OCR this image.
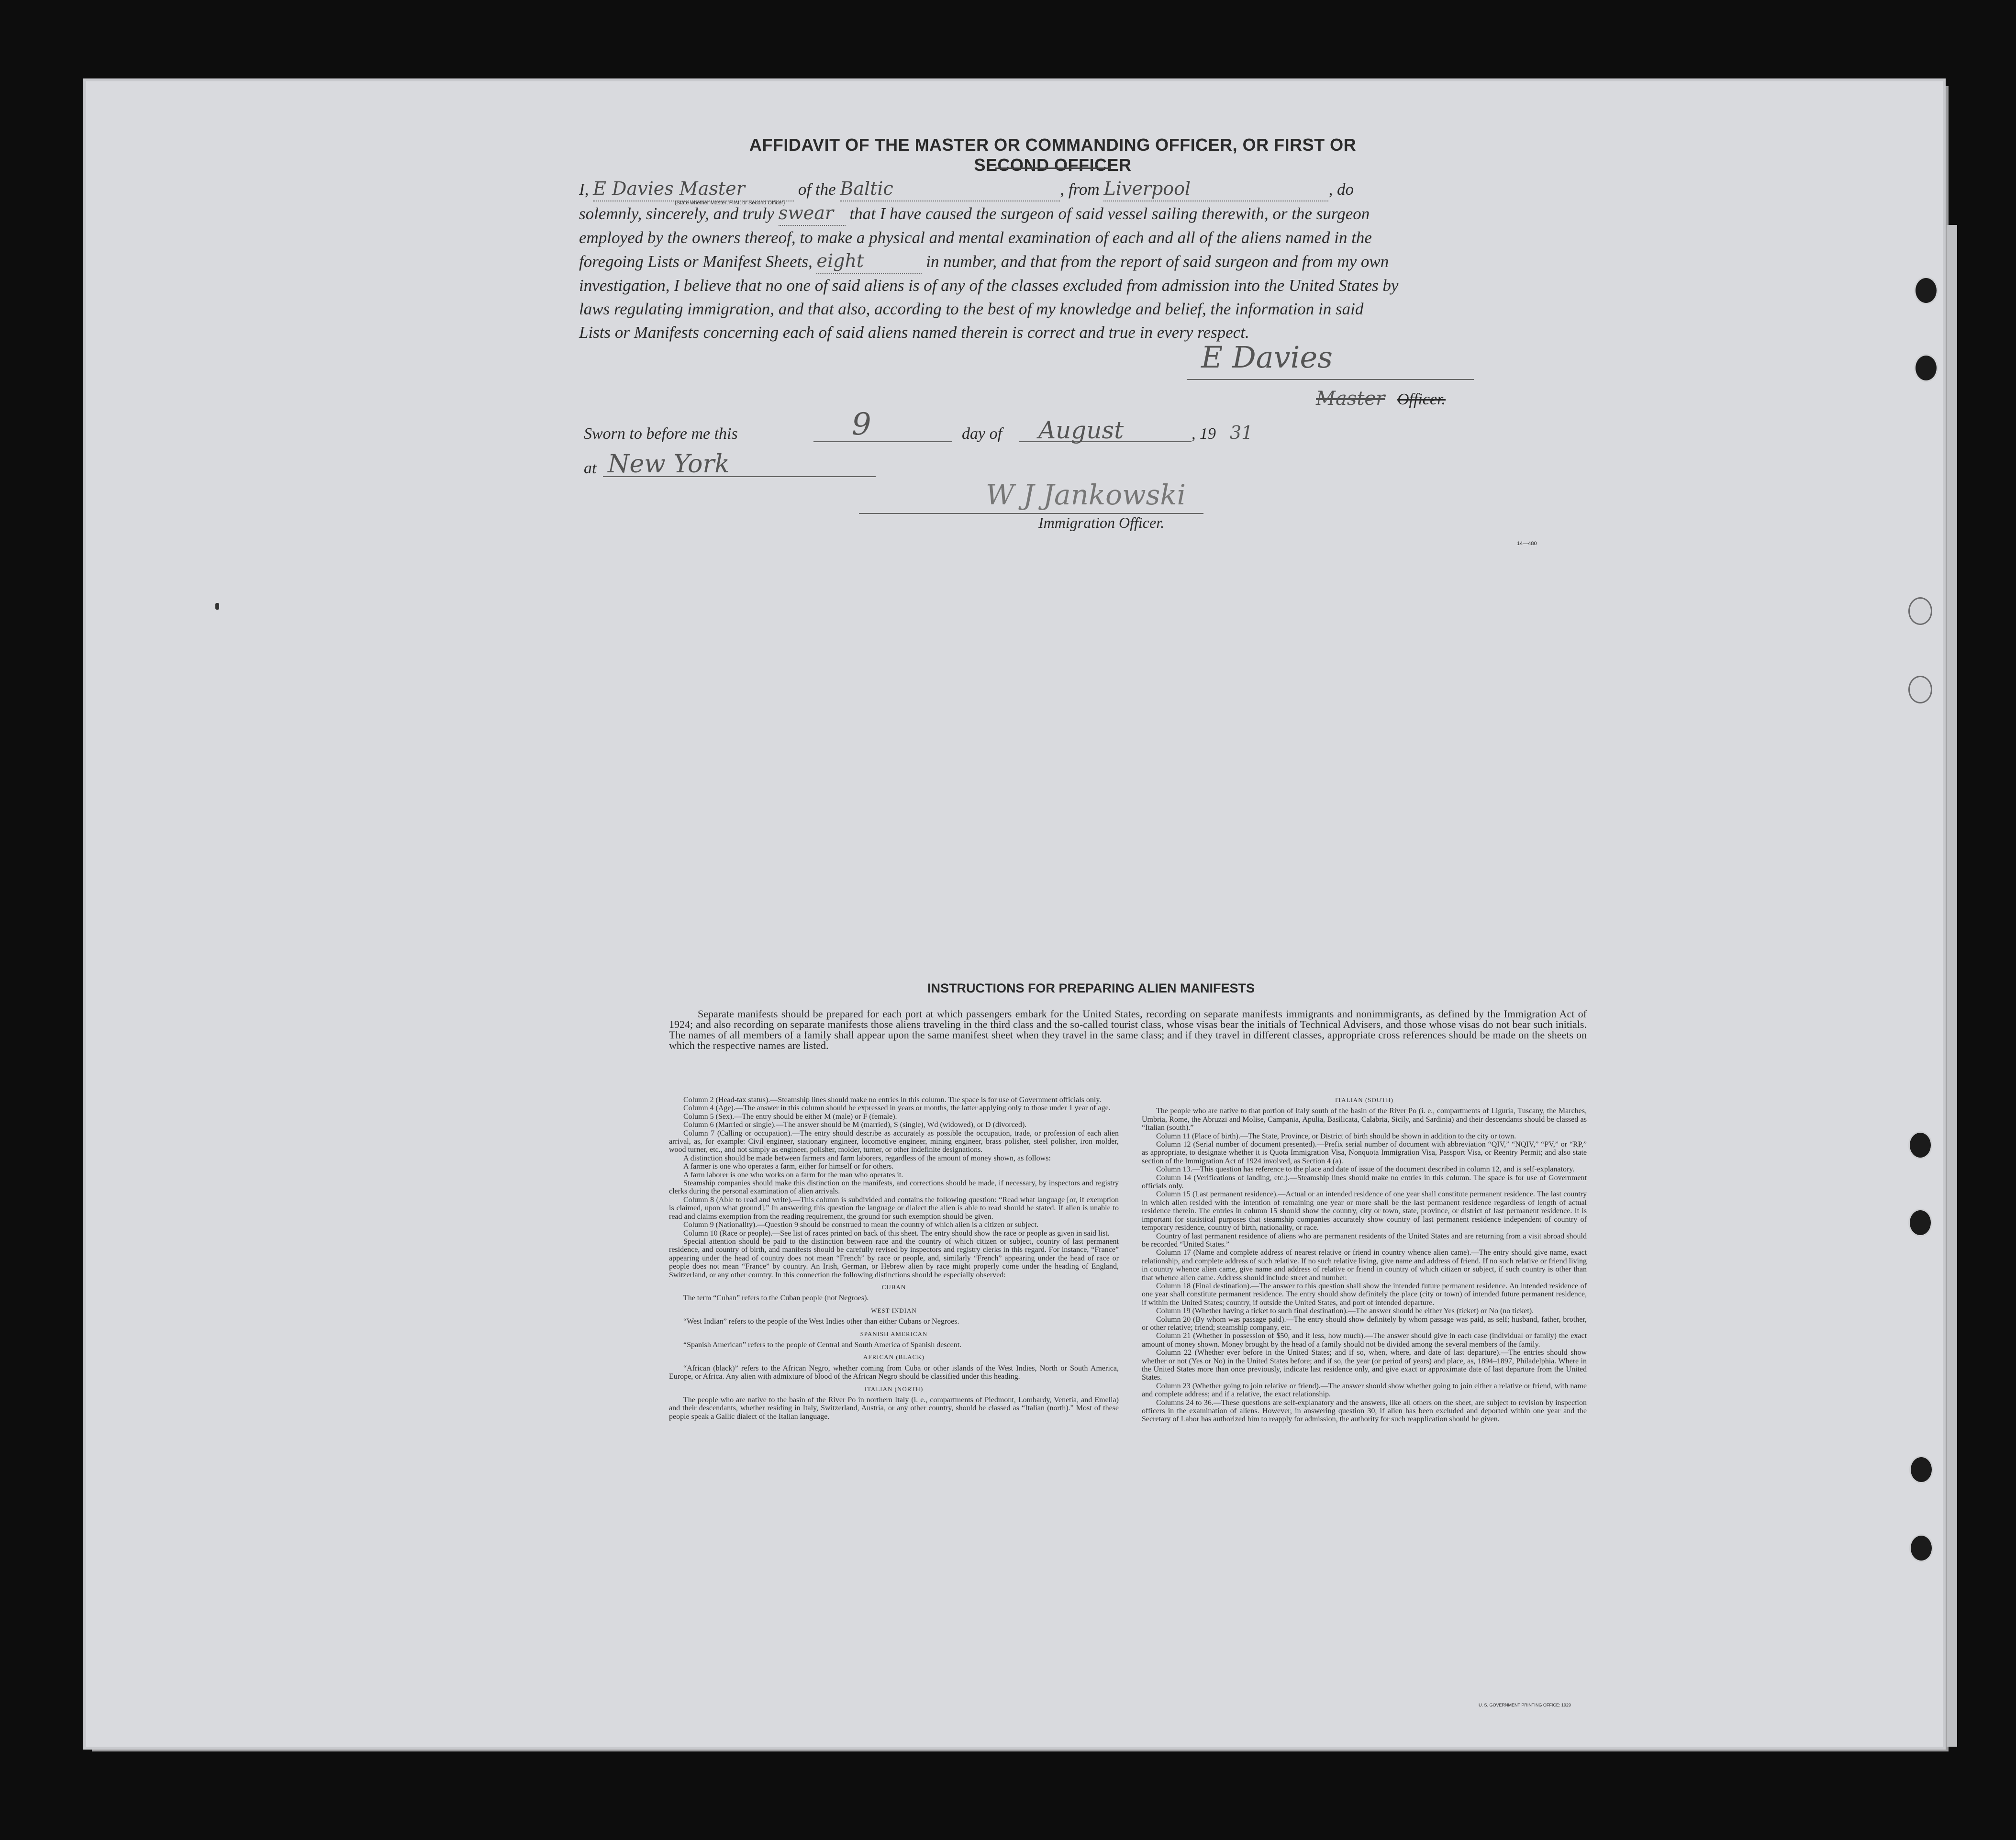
AFFIDAVIT OF THE MASTER OR COMMANDING OFFICER, OR FIRST OR SECOND OFFICER
I, E Davies Master	of the Baltic	, from Liverpool	, do
solemnly, sincerely, and truly swear that I have caused the surgeon of said vessel sailing therewith, or the surgeon
employed by the owners thereof, to make a physical and mental examination of each and all of the aliens named in the
foregoing Lists or Manifest Sheets, eight	in number, and that from the report of said surgeon and from my own
investigation, I believe that no one of said aliens is of any of the classes excluded from admission into the United States by
laws regulating immigration, and that also, according to the best of my knowledge and belief, the information in said
Lists or Manifests concerning each of said aliens named therein is correct and true in every respect.
(State whether Master, First, or Second Officer)
E Davies
Master Officer.
Sworn to before me this	9	day of August	, 19 31
at New York
W J Jankowski
Immigration Officer.
14—480
INSTRUCTIONS FOR PREPARING ALIEN MANIFESTS
Separate manifests should be prepared for each port at which passengers embark for the United States, recording on separate manifests immigrants and nonimmigrants, as defined by the Immigration Act of 1924; and also recording on separate manifests those aliens traveling in the third class and the so-called tourist class, whose visas bear the initials of Technical Advisers, and those whose visas do not bear such initials. The names of all members of a family shall appear upon the same manifest sheet when they travel in the same class; and if they travel in different classes, appropriate cross references should be made on the sheets on which the respective names are listed.

Column 2 (Head-tax status).—Steamship lines should make no entries in this column. The space is for use of Government officials only.

Column 4 (Age).—The answer in this column should be expressed in years or months, the latter applying only to those under 1 year of age.

Column 5 (Sex).—The entry should be either M (male) or F (female).

Column 6 (Married or single).—The answer should be M (married), S (single), Wd (widowed), or D (divorced).

Column 7 (Calling or occupation).—The entry should describe as accurately as possible the occupation, trade, or profession of each alien arrival, as, for example: Civil engineer, stationary engineer, locomotive engineer, mining engineer, brass polisher, steel polisher, iron molder, wood turner, etc., and not simply as engineer, polisher, molder, turner, or other indefinite designations.

A distinction should be made between farmers and farm laborers, regardless of the amount of money shown, as follows:

A farmer is one who operates a farm, either for himself or for others.

A farm laborer is one who works on a farm for the man who operates it.

Steamship companies should make this distinction on the manifests, and corrections should be made, if necessary, by inspectors and registry clerks during the personal examination of alien arrivals.

Column 8 (Able to read and write).—This column is subdivided and contains the following question: “Read what language [or, if exemption is claimed, upon what ground].” In answering this question the language or dialect the alien is able to read should be stated. If alien is unable to read and claims exemption from the reading requirement, the ground for such exemption should be given.

Column 9 (Nationality).—Question 9 should be construed to mean the country of which alien is a citizen or subject.

Column 10 (Race or people).—See list of races printed on back of this sheet. The entry should show the race or people as given in said list.

Special attention should be paid to the distinction between race and the country of which citizen or subject, country of last permanent residence, and country of birth, and manifests should be carefully revised by inspectors and registry clerks in this regard. For instance, “France” appearing under the head of country does not mean “French” by race or people, and, similarly “French” appearing under the head of race or people does not mean “France” by country. An Irish, German, or Hebrew alien by race might properly come under the heading of England, Switzerland, or any other country. In this connection the following distinctions should be especially observed:

CUBAN

The term “Cuban” refers to the Cuban people (not Negroes).

WEST INDIAN

“West Indian” refers to the people of the West Indies other than either Cubans or Negroes.

SPANISH AMERICAN

“Spanish American” refers to the people of Central and South America of Spanish descent.

AFRICAN (BLACK)

“African (black)” refers to the African Negro, whether coming from Cuba or other islands of the West Indies, North or South America, Europe, or Africa. Any alien with admixture of blood of the African Negro should be classified under this heading.

ITALIAN (NORTH)

The people who are native to the basin of the River Po in northern Italy (i. e., compartments of Piedmont, Lombardy, Venetia, and Emelia) and their descendants, whether residing in Italy, Switzerland, Austria, or any other country, should be classed as “Italian (north).” Most of these people speak a Gallic dialect of the Italian language.

ITALIAN (SOUTH)

The people who are native to that portion of Italy south of the basin of the River Po (i. e., compartments of Liguria, Tuscany, the Marches, Umbria, Rome, the Abruzzi and Molise, Campania, Apulia, Basilicata, Calabria, Sicily, and Sardinia) and their descendants should be classed as “Italian (south).”

Column 11 (Place of birth).—The State, Province, or District of birth should be shown in addition to the city or town.

Column 12 (Serial number of document presented).—Prefix serial number of document with abbreviation “QIV,” “NQIV,” “PV,” or “RP,” as appropriate, to designate whether it is Quota Immigration Visa, Nonquota Immigration Visa, Passport Visa, or Reentry Permit; and also state section of the Immigration Act of 1924 involved, as Section 4 (a).

Column 13.—This question has reference to the place and date of issue of the document described in column 12, and is self-explanatory.

Column 14 (Verifications of landing, etc.).—Steamship lines should make no entries in this column. The space is for use of Government officials only.

Column 15 (Last permanent residence).—Actual or an intended residence of one year shall constitute permanent residence. The last country in which alien resided with the intention of remaining one year or more shall be the last permanent residence regardless of length of actual residence therein. The entries in column 15 should show the country, city or town, state, province, or district of last permanent residence. It is important for statistical purposes that steamship companies accurately show country of last permanent residence independent of country of temporary residence, country of birth, nationality, or race.

Country of last permanent residence of aliens who are permanent residents of the United States and are returning from a visit abroad should be recorded “United States.”

Column 17 (Name and complete address of nearest relative or friend in country whence alien came).—The entry should give name, exact relationship, and complete address of such relative. If no such relative living, give name and address of friend. If no such relative or friend living in country whence alien came, give name and address of relative or friend in country of which citizen or subject, if such country is other than that whence alien came. Address should include street and number.

Column 18 (Final destination).—The answer to this question shall show the intended future permanent residence. An intended residence of one year shall constitute permanent residence. The entry should show definitely the place (city or town) of intended future permanent residence, if within the United States; country, if outside the United States, and port of intended departure.

Column 19 (Whether having a ticket to such final destination).—The answer should be either Yes (ticket) or No (no ticket).

Column 20 (By whom was passage paid).—The entry should show definitely by whom passage was paid, as self; husband, father, brother, or other relative; friend; steamship company, etc.

Column 21 (Whether in possession of $50, and if less, how much).—The answer should give in each case (individual or family) the exact amount of money shown. Money brought by the head of a family should not be divided among the several members of the family.

Column 22 (Whether ever before in the United States; and if so, when, where, and date of last departure).—The entries should show whether or not (Yes or No) in the United States before; and if so, the year (or period of years) and place, as, 1894–1897, Philadelphia. Where in the United States more than once previously, indicate last residence only, and give exact or approximate date of last departure from the United States.

Column 23 (Whether going to join relative or friend).—The answer should show whether going to join either a relative or friend, with name and complete address; and if a relative, the exact relationship.

Columns 24 to 36.—These questions are self-explanatory and the answers, like all others on the sheet, are subject to revision by inspection officers in the examination of aliens. However, in answering question 30, if alien has been excluded and deported within one year and the Secretary of Labor has authorized him to reapply for admission, the authority for such reapplication should be given.

U. S. GOVERNMENT PRINTING OFFICE: 1929
